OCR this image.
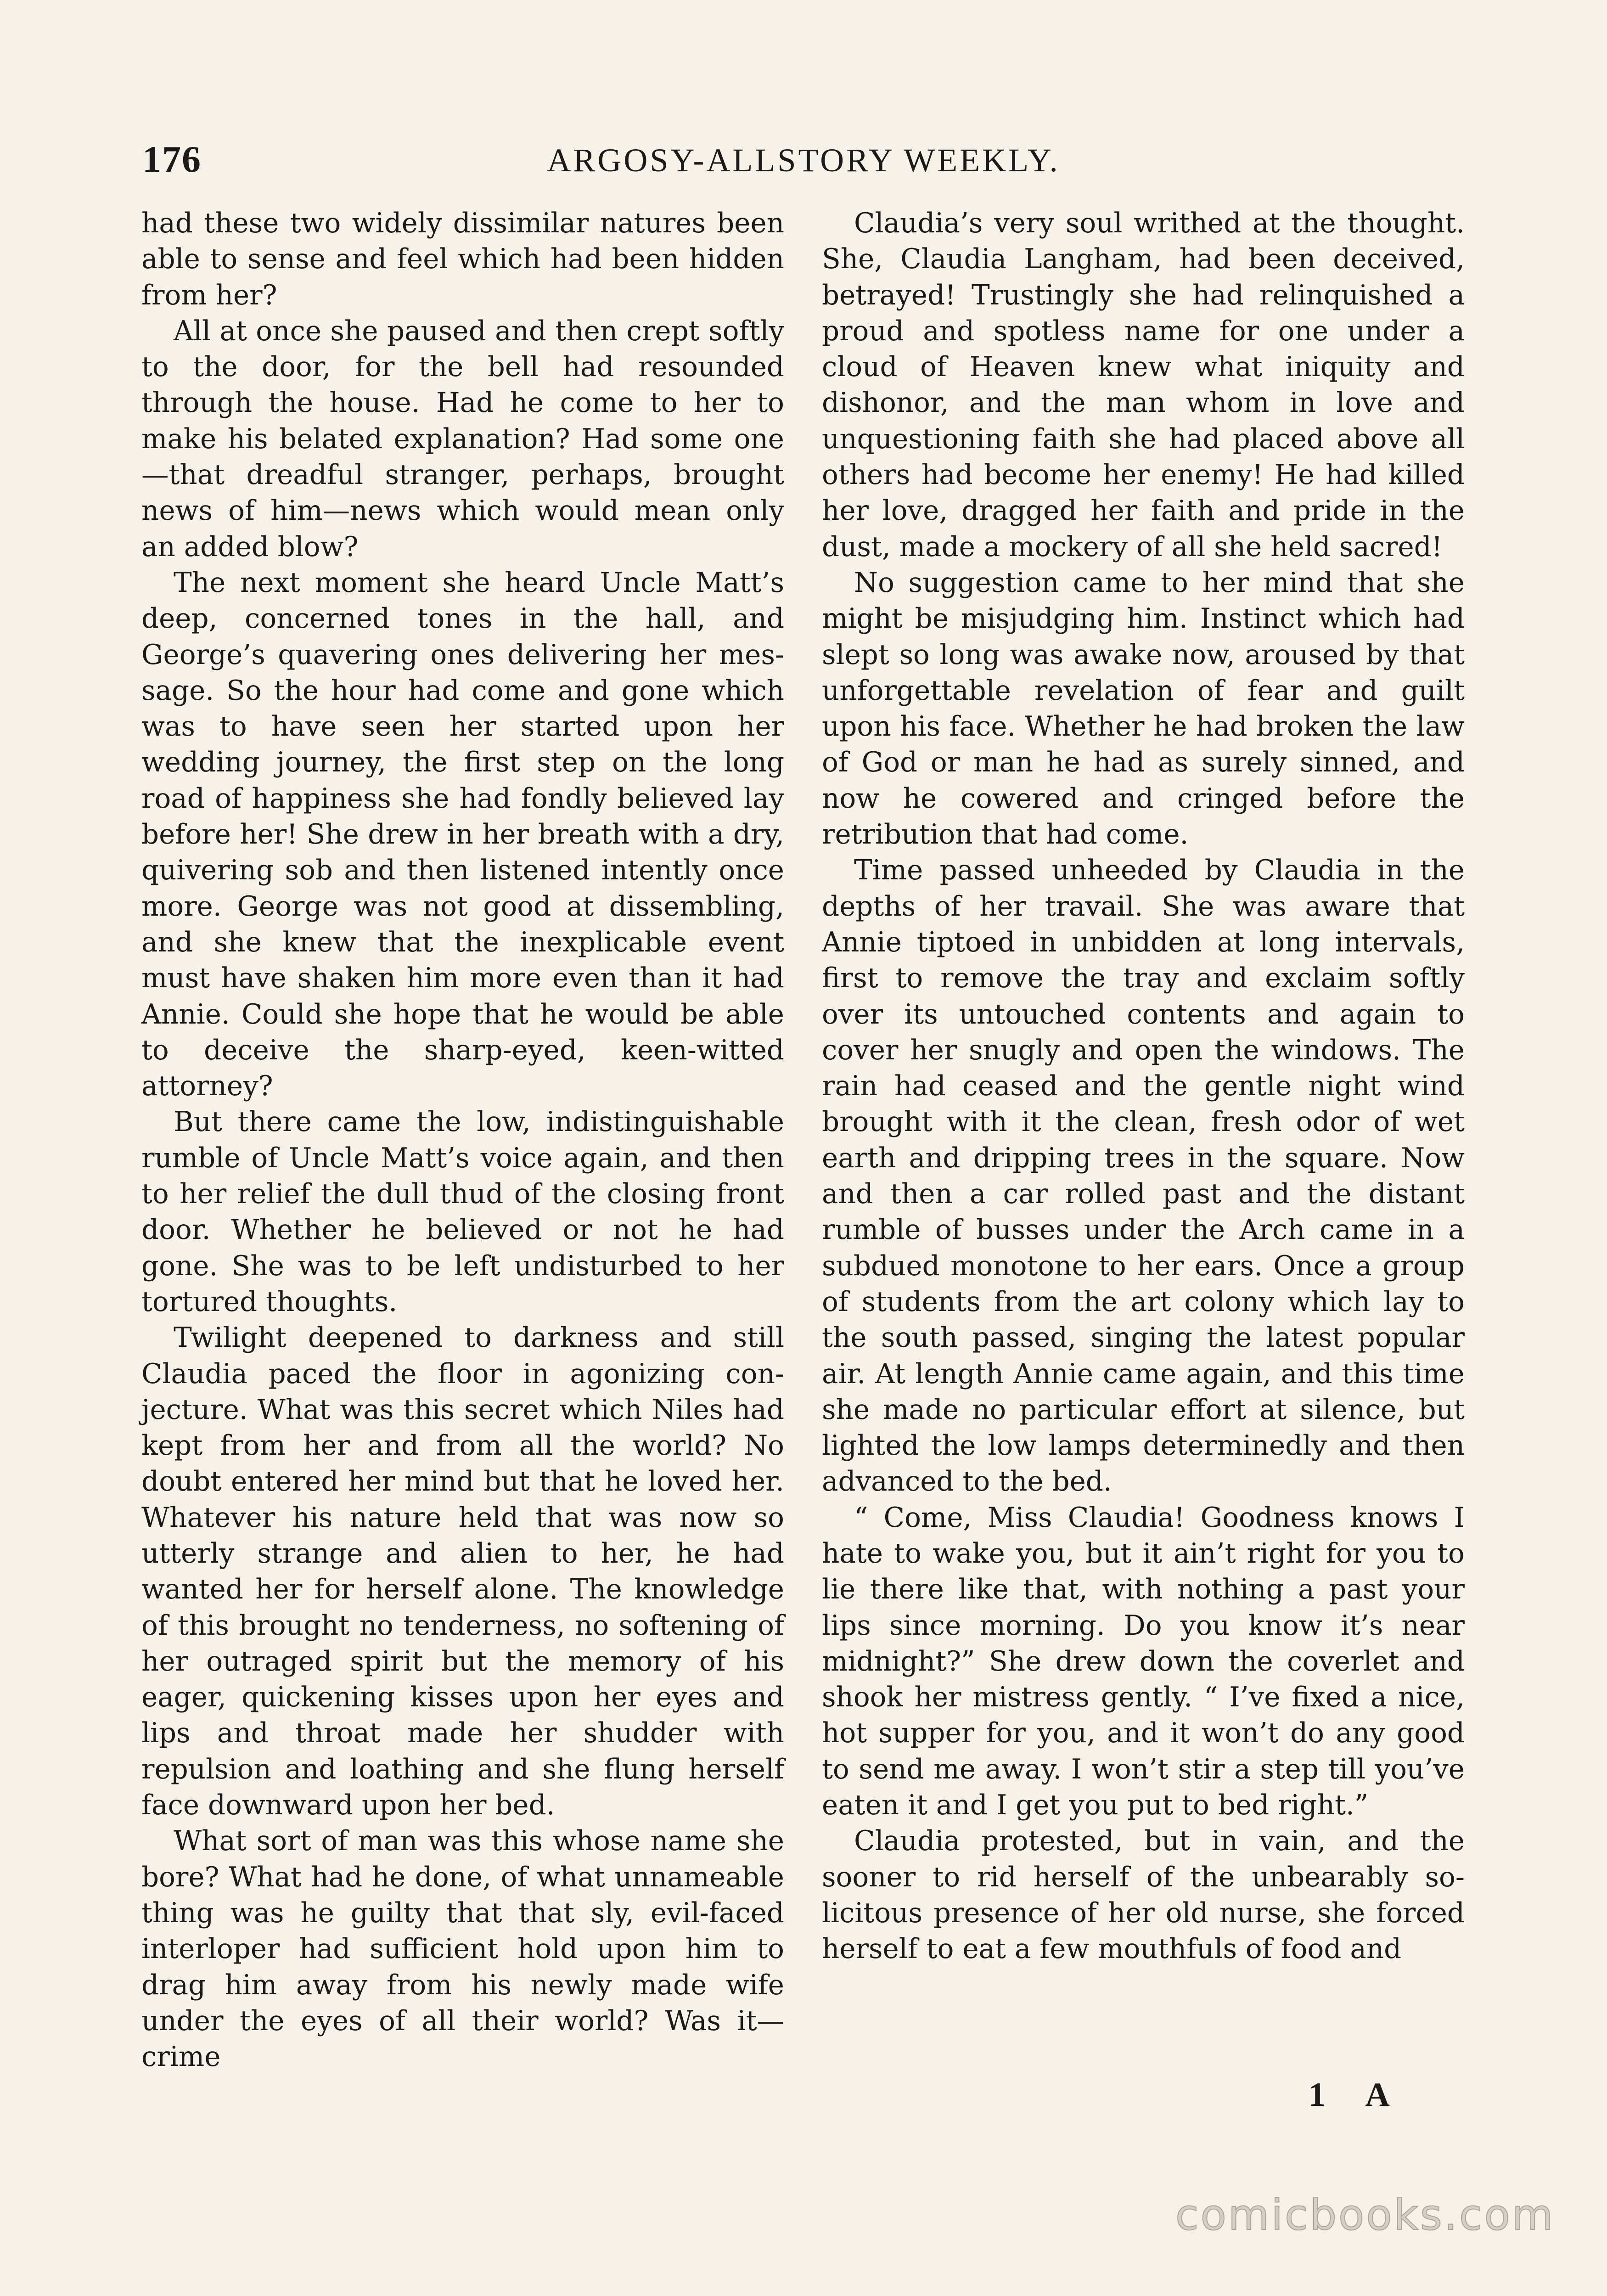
176	ARGOSY-ALLSTORY WEEKLY.

had these two widely dissimilar natures been able to sense and feel which had been hidden from her?

All at once she paused and then crept softly to the door, for the bell had resounded through the house. Had he come to her to make his belated explanation? Had some one—that dreadful stranger, perhaps, brought news of him—news which would mean only an added blow?

The next moment she heard Uncle Matt’s deep, concerned tones in the hall, and George’s quavering ones delivering her message. So the hour had come and gone which was to have seen her started upon her wedding journey, the first step on the long road of happiness she had fondly believed lay before her! She drew in her breath with a dry, quivering sob and then listened intently once more. George was not good at dissembling, and she knew that the inexplicable event must have shaken him more even than it had Annie. Could she hope that he would be able to deceive the sharp-eyed, keen-witted attorney?

But there came the low, indistinguishable rumble of Uncle Matt’s voice again, and then to her relief the dull thud of the closing front door. Whether he believed or not he had gone. She was to be left undisturbed to her tortured thoughts.

Twilight deepened to darkness and still Claudia paced the floor in agonizing conjecture. What was this secret which Niles had kept from her and from all the world? No doubt entered her mind but that he loved her. Whatever his nature held that was now so utterly strange and alien to her, he had wanted her for herself alone. The knowledge of this brought no tenderness, no softening of her outraged spirit but the memory of his eager, quickening kisses upon her eyes and lips and throat made her shudder with repulsion and loathing and she flung herself face downward upon her bed.

What sort of man was this whose name she bore? What had he done, of what unnameable thing was he guilty that that sly, evil-faced interloper had sufficient hold upon him to drag him away from his newly made wife under the eyes of all their world? Was it—crime

Claudia’s very soul writhed at the thought. She, Claudia Langham, had been deceived, betrayed! Trustingly she had relinquished a proud and spotless name for one under a cloud of Heaven knew what iniquity and dishonor, and the man whom in love and unquestioning faith she had placed above all others had become her enemy! He had killed her love, dragged her faith and pride in the dust, made a mockery of all she held sacred!

No suggestion came to her mind that she might be misjudging him. Instinct which had slept so long was awake now, aroused by that unforgettable revelation of fear and guilt upon his face. Whether he had broken the law of God or man he had as surely sinned, and now he cowered and cringed before the retribution that had come.

Time passed unheeded by Claudia in the depths of her travail. She was aware that Annie tiptoed in unbidden at long intervals, first to remove the tray and exclaim softly over its untouched contents and again to cover her snugly and open the windows. The rain had ceased and the gentle night wind brought with it the clean, fresh odor of wet earth and dripping trees in the square. Now and then a car rolled past and the distant rumble of busses under the Arch came in a subdued monotone to her ears. Once a group of students from the art colony which lay to the south passed, singing the latest popular air. At length Annie came again, and this time she made no particular effort at silence, but lighted the low lamps determinedly and then advanced to the bed.

“ Come, Miss Claudia! Goodness knows I hate to wake you, but it ain’t right for you to lie there like that, with nothing a past your lips since morning. Do you know it’s near midnight?” She drew down the coverlet and shook her mistress gently. “ I’ve fixed a nice, hot supper for you, and it won’t do any good to send me away. I won’t stir a step till you’ve eaten it and I get you put to bed right.”

Claudia protested, but in vain, and the sooner to rid herself of the unbearably solicitous presence of her old nurse, she forced herself to eat a few mouthfuls of food and

1 A
comicbooks.com
